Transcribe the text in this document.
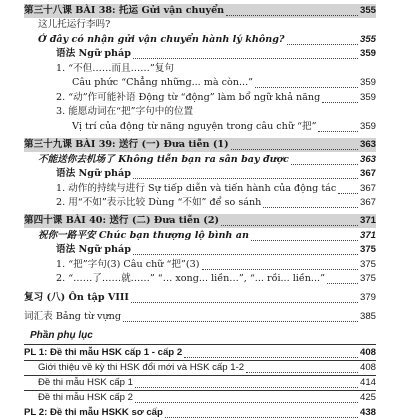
第三十八课 BÀI 38: 托运 Gửi vận chuyển	355
这儿托运行李吗?
Ở đây có nhận gửi vận chuyển hành lý không?	355
语法 Ngữ pháp	359
1. “不但……而且……”复句
Câu phức “Chẳng những... mà còn...”	359
2. “动”作可能补语 Động từ “động” làm bổ ngữ khả năng	359
3. 能愿动词在“把”字句中的位置
Vị trí của động từ năng nguyện trong câu chữ “把”	359
第三十九课 BÀI 39: 送行 (一) Đưa tiễn (1)	363
不能送你去机场了 Không tiễn bạn ra sân bay được	363
语法 Ngữ pháp	367
1. 动作的持续与进行 Sự tiếp diễn và tiến hành của động tác 367
2. 用“不如”表示比较 Dùng “不如” để so sánh	367
第四十课 BÀI 40: 送行 (二) Đưa tiễn (2)	371
祝你一路平安 Chúc bạn thượng lộ bình an	371
语法 Ngữ pháp	375
1. “把”字句(3) Câu chữ “把”(3)	375
2. “……了……就……” “… xong... liền…”, “... rồi... liền...”	375
复习 (八) Ôn tập VIII	379
词汇表 Bảng từ vựng	385
Phần phụ lục
PL 1: Đề thi mẫu HSK cấp 1 - cấp 2	408
Giới thiệu về kỳ thi HSK đổi mới và HSK cấp 1-2	408
Đề thi mẫu HSK cấp 1	414
Đề thi mẫu HSK cấp 2	425
PL 2: Đề thi mẫu HSKK sơ cấp	438
